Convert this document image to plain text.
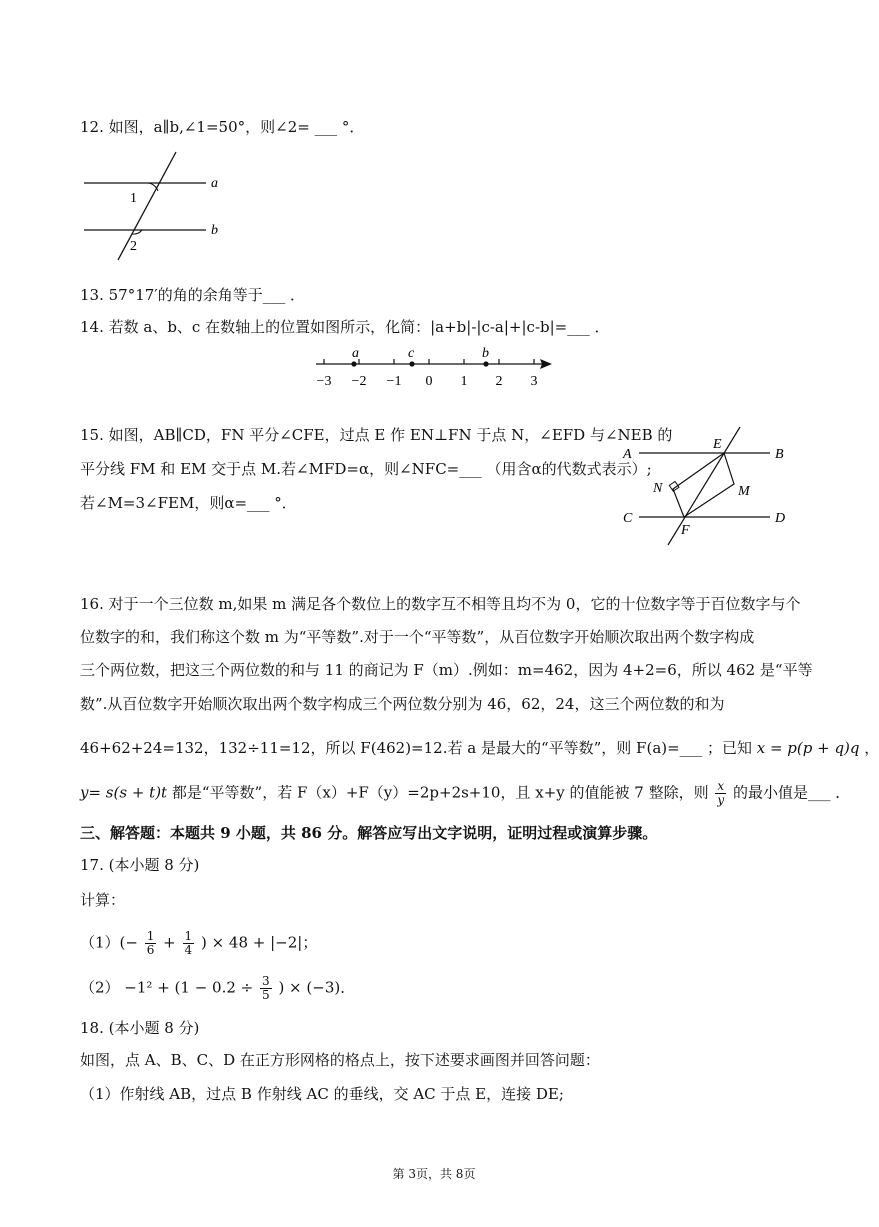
12. 如图，a∥b,∠1=50°，则∠2= ___ °．
a
b
1
2
13. 57°17′的角的余角等于___ ．
14. 若数 a、b、c 在数轴上的位置如图所示，化简：|a+b|-|c-a|+|c-b|=___ ．
−3 −2 −1 0 1 2 3
a	c	b
15. 如图，AB∥CD，FN 平分∠CFE，过点 E 作 EN⊥FN 于点 N，∠EFD 与∠NEB 的
平分线 FM 和 EM 交于点 M.若∠MFD=α，则∠NFC=___ （用含α的代数式表示）;
若∠M=3∠FEM，则α=___ °．
A	B
C	D
E
F
N	M
16. 对于一个三位数 m,如果 m 满足各个数位上的数字互不相等且均不为 0，它的十位数字等于百位数字与个
位数字的和，我们称这个数 m 为“平等数”.对于一个“平等数”，从百位数字开始顺次取出两个数字构成
三个两位数，把这三个两位数的和与 11 的商记为 F（m）.例如：m=462，因为 4+2=6，所以 462 是“平等
数”.从百位数字开始顺次取出两个数字构成三个两位数分别为 46，62，24，这三个两位数的和为
46+62+24=132，132÷11=12，所以 F(462)=12.若 a 是最大的“平等数”，则 F(a)=___ ；已知 x = p(p + q)q ，
y= s(s + t)t 都是“平等数”，若 F（x）+F（y）=2p+2s+10，且 x+y 的值能被 7 整除，则 $\frac{x}{y}$ 的最小值是___ ．
三、解答题：本题共 9 小题，共 86 分。解答应写出文字说明，证明过程或演算步骤。
17. (本小题 8 分)
计算：
$(1)(- \frac{1}{6} + \frac{1}{4}$ ) × 48 + |−2|；
$(2) -1^2 + (1 - 0.2 \div \frac{3}{5}$ ) × (−3)．
18. (本小题 8 分)
如图，点 A、B、C、D 在正方形网格的格点上，按下述要求画图并回答问题：
（1）作射线 AB，过点 B 作射线 AC 的垂线，交 AC 于点 E，连接 DE;
第 3页，共 8页
